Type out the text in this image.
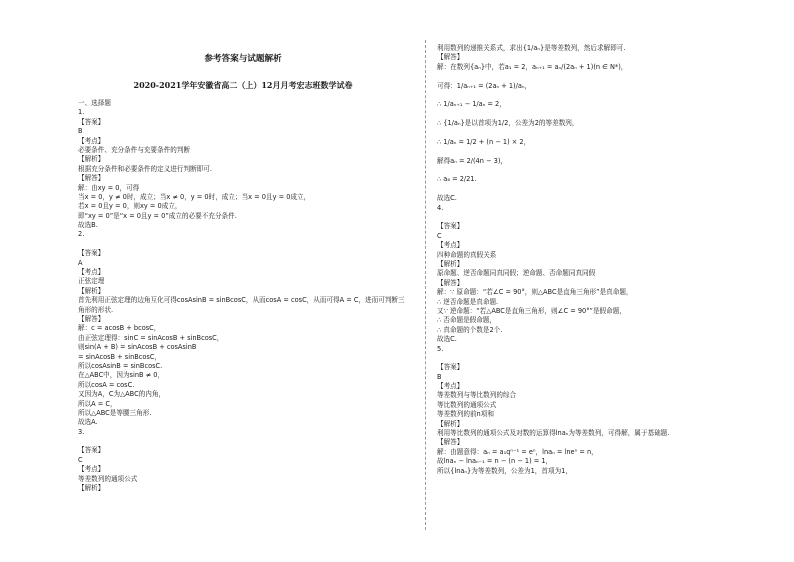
参考答案与试题解析
2020-2021学年安徽省高二（上）12月月考宏志班数学试卷
一、选择题
1.
【答案】
B
【考点】
必要条件、充分条件与充要条件的判断
【解析】
根据充分条件和必要条件的定义进行判断即可.
【解答】
解：由xy = 0，可得
当x = 0，y ≠ 0时，成立；当x ≠ 0，y = 0时，成立；当x = 0且y = 0成立，
若x = 0且y = 0，则xy = 0成立，
即“xy = 0”是“x = 0且y = 0”成立的必要不充分条件.
故选B.
2.

【答案】
A
【考点】
正弦定理
【解析】
首先利用正弦定理的边角互化可得cosAsinB = sinBcosC，从而cosA = cosC，从而可得A = C，进而可判断三角形的形状.
【解答】
解：c = acosB + bcosC，
由正弦定理得：sinC = sinAcosB + sinBcosC，
则sin(A + B) = sinAcosB + cosAsinB
= sinAcosB + sinBcosC，
所以cosAsinB = sinBcosC.
在△ABC中，因为sinB ≠ 0，
所以cosA = cosC.
又因为A，C为△ABC的内角，
所以A = C，
所以△ABC是等腰三角形.
故选A.
3.

【答案】
C
【考点】
等差数列的通项公式
【解析】
利用数列的递推关系式，求出{1/aₙ}是等差数列，然后求解即可.
【解答】
解：在数列{aₙ}中，若a₁ = 2，aₙ₊₁ = aₙ/(2aₙ + 1)(n ∈ N*)，

可得：1/aₙ₊₁ = (2aₙ + 1)/aₙ，

∴ 1/aₙ₊₁ − 1/aₙ = 2，

∴ {1/aₙ}是以首项为1/2，公差为2的等差数列，

∴ 1/aₙ = 1/2 + (n − 1) × 2，

解得aₙ = 2/(4n − 3)，

∴ a₆ = 2/21.

故选C.
4.

【答案】
C
【考点】
四种命题的真假关系
【解析】
原命题、逆否命题同真同假；逆命题、否命题同真同假
【解答】
解：∵ 原命题：“若∠C = 90°，则△ABC是直角三角形”是真命题，
∴ 逆否命题是真命题.
又∵ 逆命题：“若△ABC是直角三角形，则∠C = 90°”是假命题，
∴ 否命题是假命题，
∴ 真命题的个数是2个.
故选C.
5.

【答案】
B
【考点】
等差数列与等比数列的综合
等比数列的通项公式
等差数列的前n项和
【解析】
利用等比数列的通项公式及对数的运算得lnaₙ为等差数列，可得解，属于基础题.
【解答】
解：由题意得：aₙ = a₁qⁿ⁻¹ = eⁿ，lnaₙ = lneⁿ = n，
故lnaₙ − lnaₙ₋₁ = n − (n − 1) = 1，
所以{lnaₙ}为等差数列，公差为1，首项为1，
